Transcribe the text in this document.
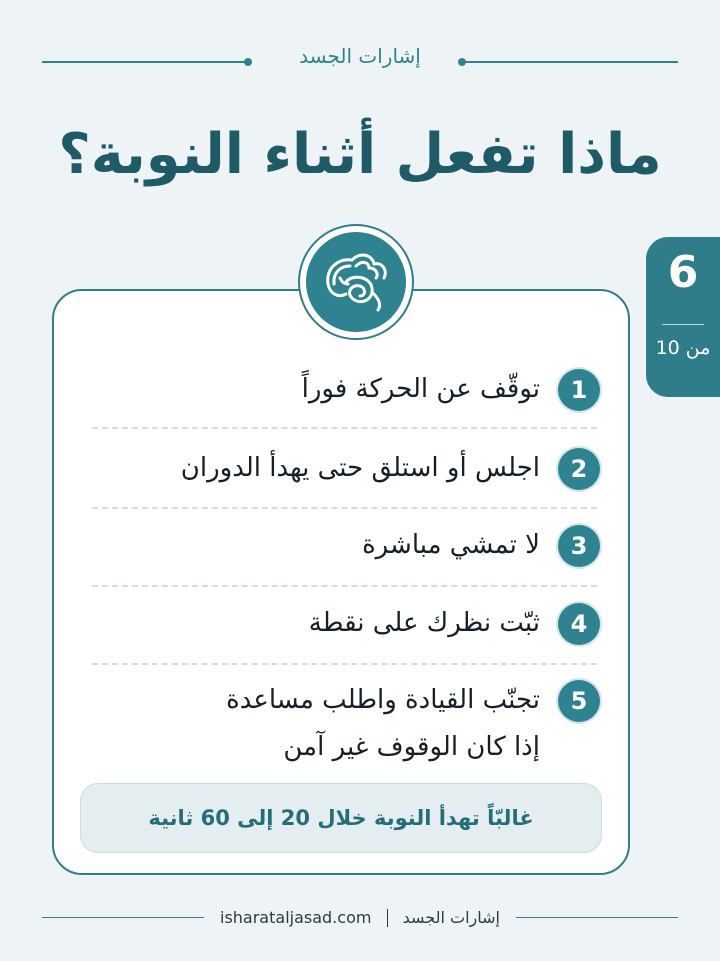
إشارات الجسد
ماذا تفعل أثناء النوبة؟
6
من 10
1
توقّف عن الحركة فوراً
2
اجلس أو استلق حتى يهدأ الدوران
3
لا تمشي مباشرة
4
ثبّت نظرك على نقطة
5
تجنّب القيادة واطلب مساعدة
إذا كان الوقوف غير آمن
غالبّاً تهدأ النوبة خلال 20 إلى 60 ثانية
isharataljasad.com إشارات الجسد
